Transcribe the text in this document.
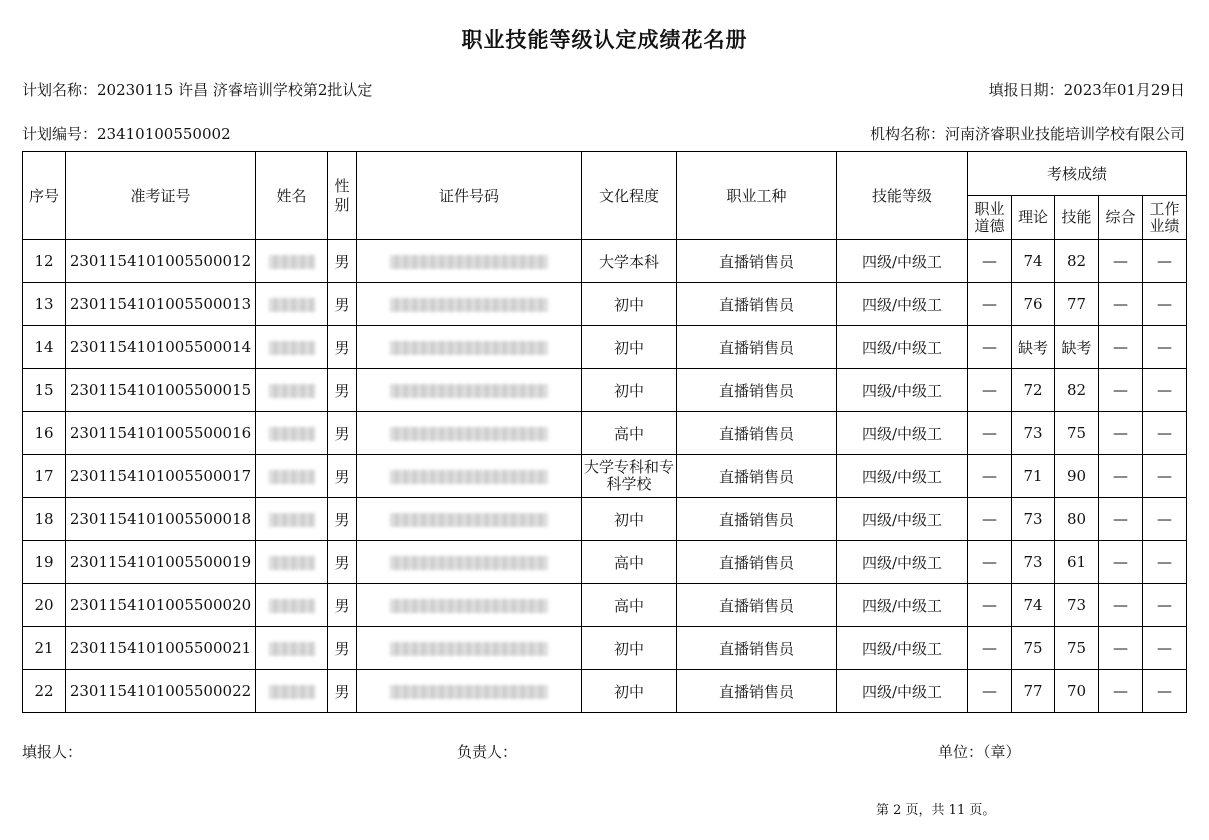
职业技能等级认定成绩花名册
计划名称：20230115 许昌 济睿培训学校第2批认定	填报日期：2023年01月29日
计划编号：23410100550002	机构名称：河南济睿职业技能培训学校有限公司
序号	准考证号	姓名	性别	证件号码	文化程度	职业工种	技能等级	考核成绩				
								职业道德	理论	技能	综合	工作业绩
12	2301154101005500012		男		大学本科	直播销售员	四级/中级工	—	74	82	—	—
13	2301154101005500013		男		初中	直播销售员	四级/中级工	—	76	77	—	—
14	2301154101005500014		男		初中	直播销售员	四级/中级工	—	缺考	缺考	—	—
15	2301154101005500015		男		初中	直播销售员	四级/中级工	—	72	82	—	—
16	2301154101005500016		男		高中	直播销售员	四级/中级工	—	73	75	—	—
17	2301154101005500017		男		大学专科和专科学校	直播销售员	四级/中级工	—	71	90	—	—
18	2301154101005500018		男		初中	直播销售员	四级/中级工	—	73	80	—	—
19	2301154101005500019		男		高中	直播销售员	四级/中级工	—	73	61	—	—
20	2301154101005500020		男		高中	直播销售员	四级/中级工	—	74	73	—	—
21	2301154101005500021		男		初中	直播销售员	四级/中级工	—	75	75	—	—
22	2301154101005500022		男		初中	直播销售员	四级/中级工	—	77	70	—	—
填报人：	负责人：	单位：（章）
第 2 页，共 11 页。
